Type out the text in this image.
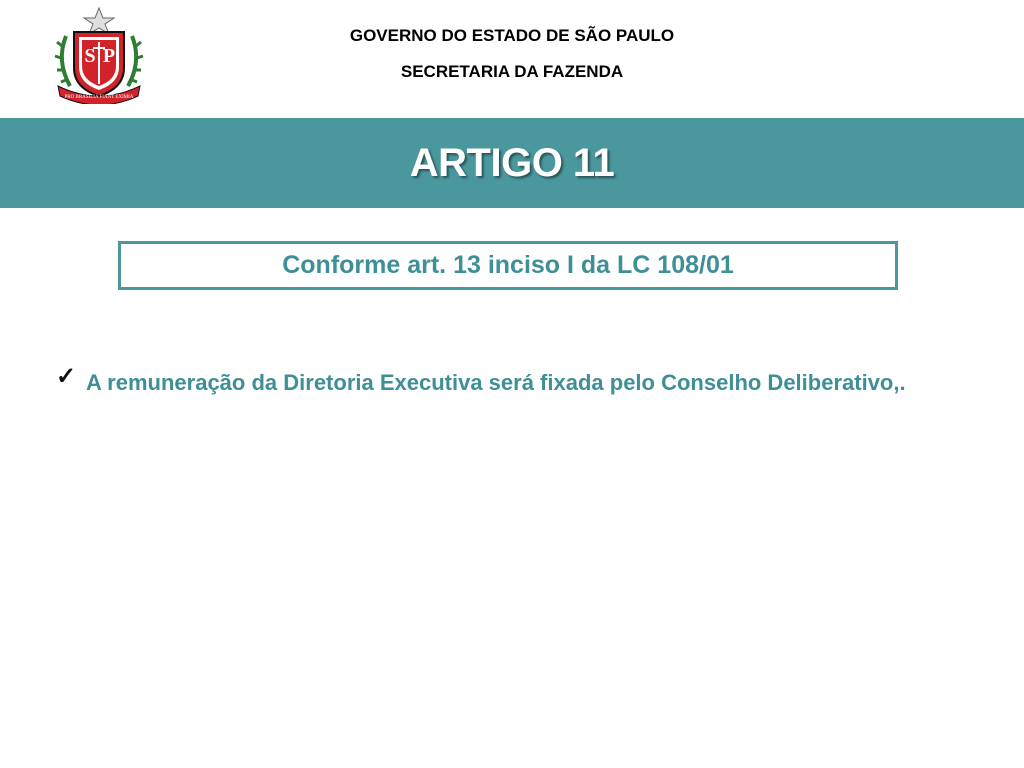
S P
PRO BRASILIA FIANT EXIMIA
GOVERNO DO ESTADO DE SÃO PAULO
SECRETARIA DA FAZENDA
ARTIGO 11
Conforme art. 13 inciso I da LC 108/01
✓ A remuneração da Diretoria Executiva será fixada pelo Conselho Deliberativo,.
